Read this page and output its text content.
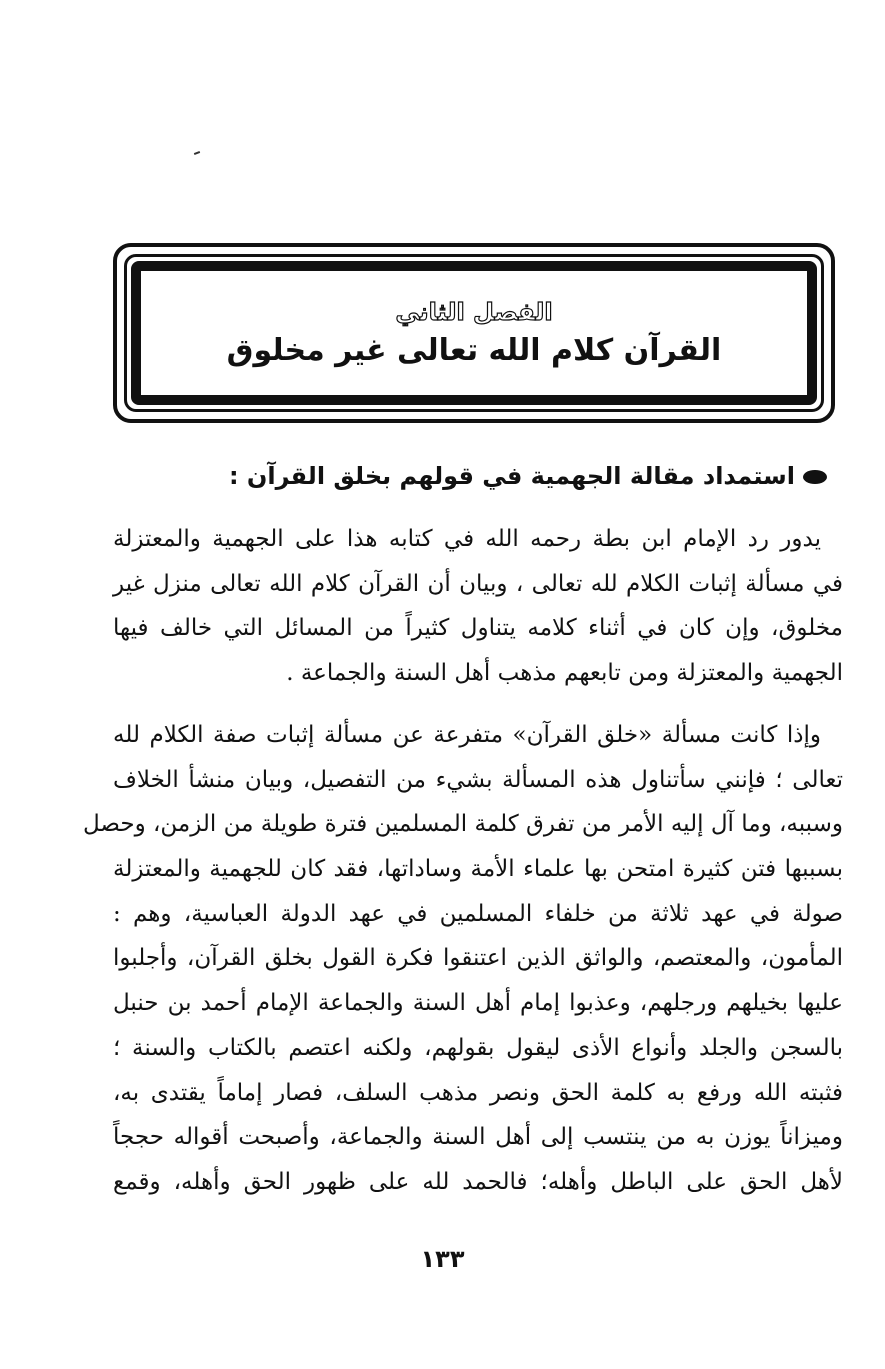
الفصل الثاني
القرآن كلام الله تعالى غير مخلوق
استمداد مقالة الجهمية في قولهم بخلق القرآن :

يدور رد الإمام ابن بطة رحمه الله في كتابه هذا على الجهمية والمعتزلة
في مسألة إثبات الكلام لله تعالى ، وبيان أن القرآن كلام الله تعالى منزل غير
مخلوق، وإن كان في أثناء كلامه يتناول كثيراً من المسائل التي خالف فيها
الجهمية والمعتزلة ومن تابعهم مذهب أهل السنة والجماعة .

وإذا كانت مسألة «خلق القرآن» متفرعة عن مسألة إثبات صفة الكلام لله
تعالى ؛ فإنني سأتناول هذه المسألة بشيء من التفصيل، وبيان منشأ الخلاف
وسببه، وما آل إليه الأمر من تفرق كلمة المسلمين فترة طويلة من الزمن، وحصل
بسببها فتن كثيرة امتحن بها علماء الأمة وساداتها، فقد كان للجهمية والمعتزلة
صولة في عهد ثلاثة من خلفاء المسلمين في عهد الدولة العباسية، وهم :
المأمون، والمعتصم، والواثق الذين اعتنقوا فكرة القول بخلق القرآن، وأجلبوا
عليها بخيلهم ورجلهم، وعذبوا إمام أهل السنة والجماعة الإمام أحمد بن حنبل
بالسجن والجلد وأنواع الأذى ليقول بقولهم، ولكنه اعتصم بالكتاب والسنة ؛
فثبته الله ورفع به كلمة الحق ونصر مذهب السلف، فصار إماماً يقتدى به،
وميزاناً يوزن به من ينتسب إلى أهل السنة والجماعة، وأصبحت أقواله حججاً
لأهل الحق على الباطل وأهله؛ فالحمد لله على ظهور الحق وأهله، وقمع

١٣٣
